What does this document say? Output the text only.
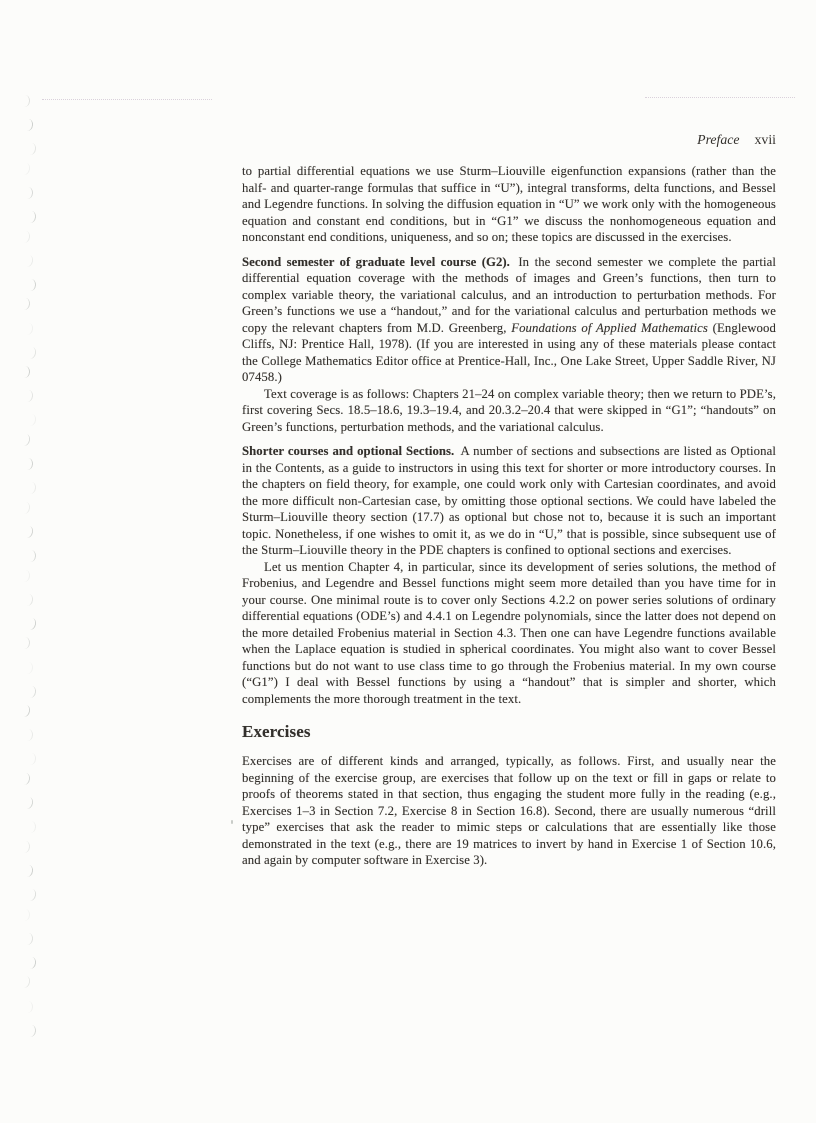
Preface xvii

to partial differential equations we use Sturm–Liouville eigenfunction expansions (rather than the half- and quarter-range formulas that suffice in “U”), integral transforms, delta functions, and Bessel and Legendre functions. In solving the diffusion equation in “U” we work only with the homogeneous equation and constant end conditions, but in “G1” we discuss the nonhomogeneous equation and nonconstant end conditions, uniqueness, and so on; these topics are discussed in the exercises.

Second semester of graduate level course (G2). In the second semester we complete the partial differential equation coverage with the methods of images and Green’s functions, then turn to complex variable theory, the variational calculus, and an introduction to perturbation methods. For Green’s functions we use a “handout,” and for the variational calculus and perturbation methods we copy the relevant chapters from M.D. Greenberg, Foundations of Applied Mathematics (Englewood Cliffs, NJ: Prentice Hall, 1978). (If you are interested in using any of these materials please contact the College Mathematics Editor office at Prentice-Hall, Inc., One Lake Street, Upper Saddle River, NJ 07458.)

Text coverage is as follows: Chapters 21–24 on complex variable theory; then we return to PDE’s, first covering Secs. 18.5–18.6, 19.3–19.4, and 20.3.2–20.4 that were skipped in “G1”; “handouts” on Green’s functions, perturbation methods, and the variational calculus.

Shorter courses and optional Sections. A number of sections and subsections are listed as Optional in the Contents, as a guide to instructors in using this text for shorter or more introductory courses. In the chapters on field theory, for example, one could work only with Cartesian coordinates, and avoid the more difficult non-Cartesian case, by omitting those optional sections. We could have labeled the Sturm–Liouville theory section (17.7) as optional but chose not to, because it is such an important topic. Nonetheless, if one wishes to omit it, as we do in “U,” that is possible, since subsequent use of the Sturm–Liouville theory in the PDE chapters is confined to optional sections and exercises.

Let us mention Chapter 4, in particular, since its development of series solutions, the method of Frobenius, and Legendre and Bessel functions might seem more detailed than you have time for in your course. One minimal route is to cover only Sections 4.2.2 on power series solutions of ordinary differential equations (ODE’s) and 4.4.1 on Legendre polynomials, since the latter does not depend on the more detailed Frobenius material in Section 4.3. Then one can have Legendre functions available when the Laplace equation is studied in spherical coordinates. You might also want to cover Bessel functions but do not want to use class time to go through the Frobenius material. In my own course (“G1”) I deal with Bessel functions by using a “handout” that is simpler and shorter, which complements the more thorough treatment in the text.

Exercises

Exercises are of different kinds and arranged, typically, as follows. First, and usually near the beginning of the exercise group, are exercises that follow up on the text or fill in gaps or relate to proofs of theorems stated in that section, thus engaging the student more fully in the reading (e.g., Exercises 1–3 in Section 7.2, Exercise 8 in Section 16.8). Second, there are usually numerous “drill type” exercises that ask the reader to mimic steps or calculations that are essentially like those demonstrated in the text (e.g., there are 19 matrices to invert by hand in Exercise 1 of Section 10.6, and again by computer software in Exercise 3).
